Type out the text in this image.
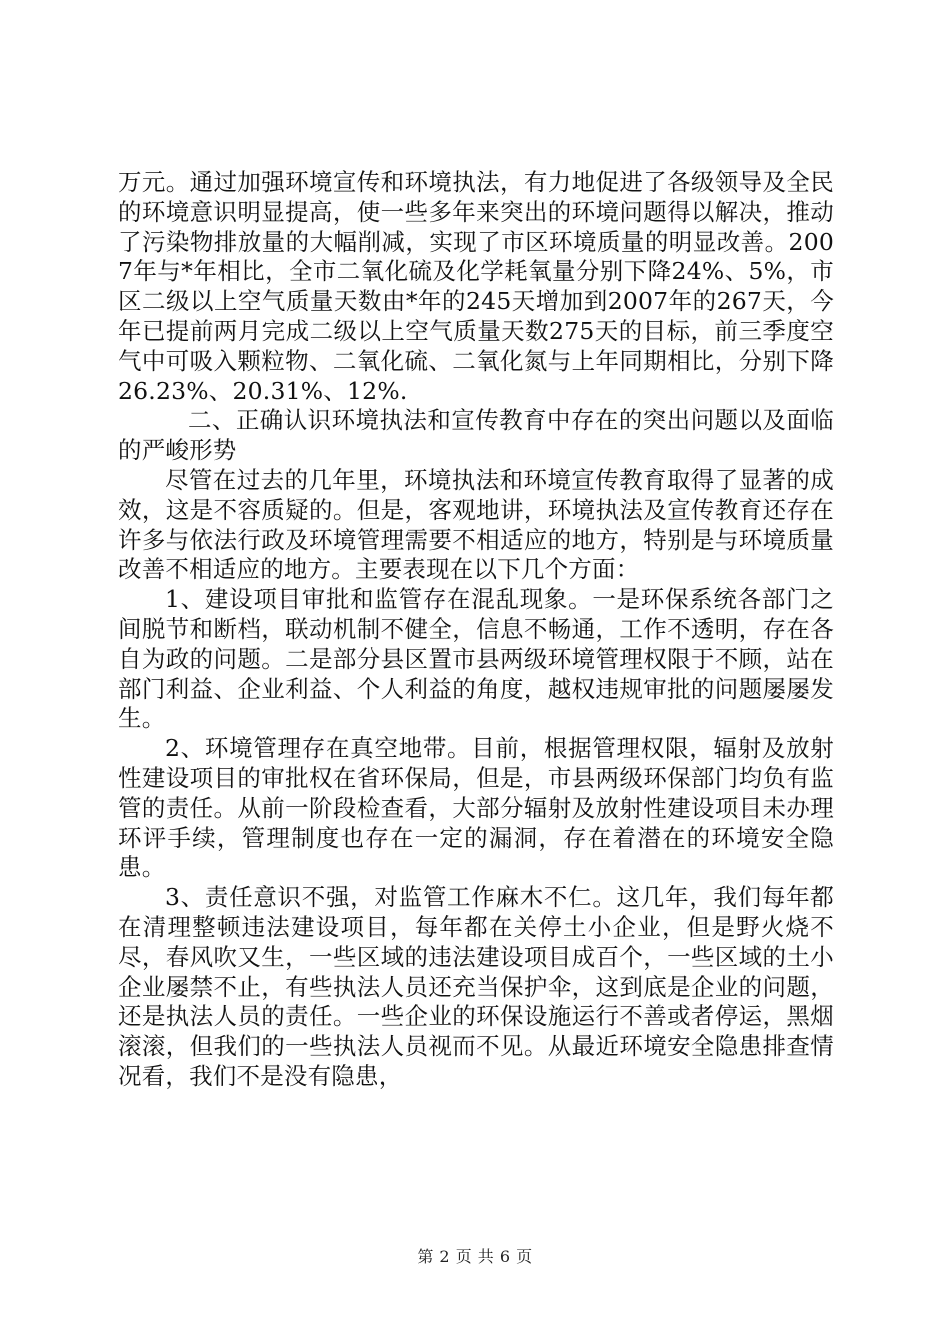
万元。通过加强环境宣传和环境执法，有力地促进了各级领导及全民的环境意识明显提高，使一些多年来突出的环境问题得以解决，推动了污染物排放量的大幅削减，实现了市区环境质量的明显改善。2007年与*年相比，全市二氧化硫及化学耗氧量分别下降24%、5%，市区二级以上空气质量天数由*年的245天增加到2007年的267天，今年已提前两月完成二级以上空气质量天数275天的目标，前三季度空气中可吸入颗粒物、二氧化硫、二氧化氮与上年同期相比，分别下降26.23%、20.31%、12%.

二、正确认识环境执法和宣传教育中存在的突出问题以及面临的严峻形势

尽管在过去的几年里，环境执法和环境宣传教育取得了显著的成效，这是不容质疑的。但是，客观地讲，环境执法及宣传教育还存在许多与依法行政及环境管理需要不相适应的地方，特别是与环境质量改善不相适应的地方。主要表现在以下几个方面：

1、建设项目审批和监管存在混乱现象。一是环保系统各部门之间脱节和断档，联动机制不健全，信息不畅通，工作不透明，存在各自为政的问题。二是部分县区置市县两级环境管理权限于不顾，站在部门利益、企业利益、个人利益的角度，越权违规审批的问题屡屡发生。

2、环境管理存在真空地带。目前，根据管理权限，辐射及放射性建设项目的审批权在省环保局，但是，市县两级环保部门均负有监管的责任。从前一阶段检查看，大部分辐射及放射性建设项目未办理环评手续，管理制度也存在一定的漏洞，存在着潜在的环境安全隐患。

3、责任意识不强，对监管工作麻木不仁。这几年，我们每年都在清理整顿违法建设项目，每年都在关停土小企业，但是野火烧不尽，春风吹又生，一些区域的违法建设项目成百个，一些区域的土小企业屡禁不止，有些执法人员还充当保护伞，这到底是企业的问题，还是执法人员的责任。一些企业的环保设施运行不善或者停运，黑烟滚滚，但我们的一些执法人员视而不见。从最近环境安全隐患排查情况看，我们不是没有隐患，

第 2 页 共 6 页
